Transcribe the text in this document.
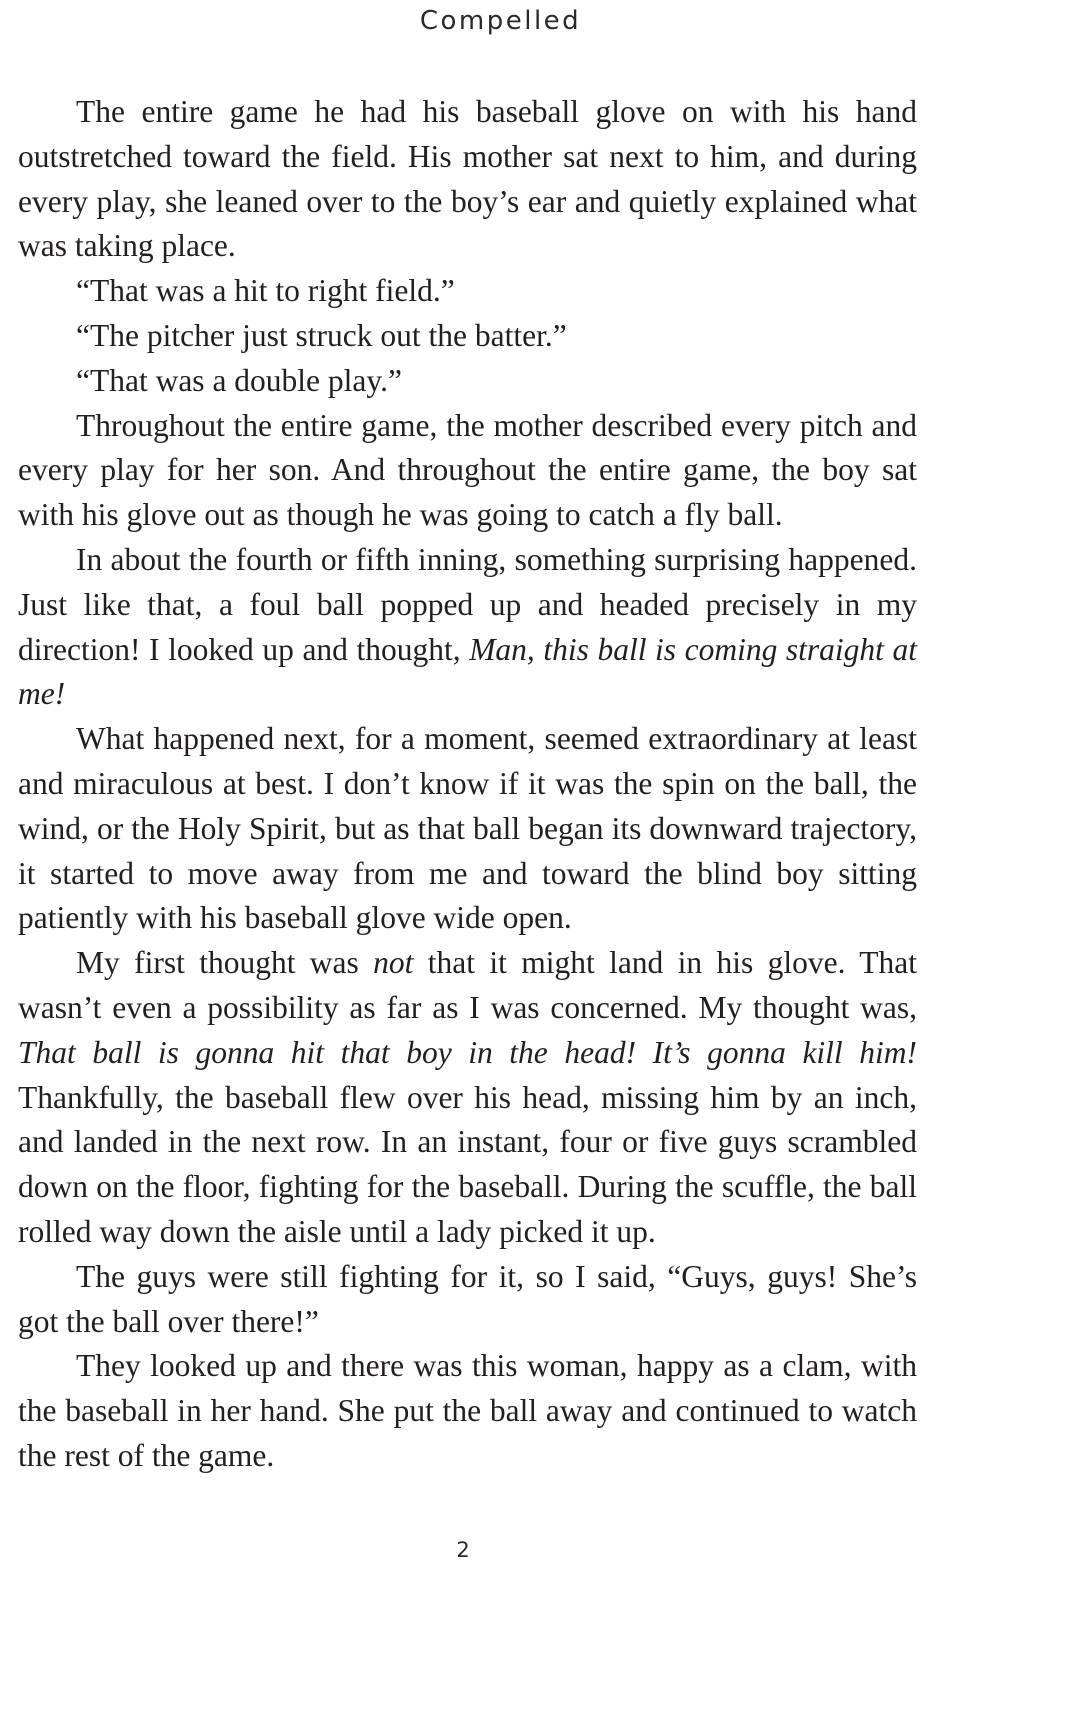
Compelled

The entire game he had his baseball glove on with his hand outstretched toward the field. His mother sat next to him, and during every play, she leaned over to the boy’s ear and quietly explained what was taking place.

“That was a hit to right field.”

“The pitcher just struck out the batter.”

“That was a double play.”

Throughout the entire game, the mother described every pitch and every play for her son. And throughout the entire game, the boy sat with his glove out as though he was going to catch a fly ball.

In about the fourth or fifth inning, something surprising happened. Just like that, a foul ball popped up and headed precisely in my direction! I looked up and thought, Man, this ball is coming straight at me!

What happened next, for a moment, seemed extraordinary at least and miraculous at best. I don’t know if it was the spin on the ball, the wind, or the Holy Spirit, but as that ball began its downward trajectory, it started to move away from me and toward the blind boy sitting patiently with his baseball glove wide open.

My first thought was not that it might land in his glove. That wasn’t even a possibility as far as I was concerned. My thought was, That ball is gonna hit that boy in the head! It’s gonna kill him! Thankfully, the baseball flew over his head, missing him by an inch, and landed in the next row. In an instant, four or five guys scrambled down on the floor, fighting for the baseball. During the scuffle, the ball rolled way down the aisle until a lady picked it up.

The guys were still fighting for it, so I said, “Guys, guys! She’s got the ball over there!”

They looked up and there was this woman, happy as a clam, with the baseball in her hand. She put the ball away and continued to watch the rest of the game.

2
